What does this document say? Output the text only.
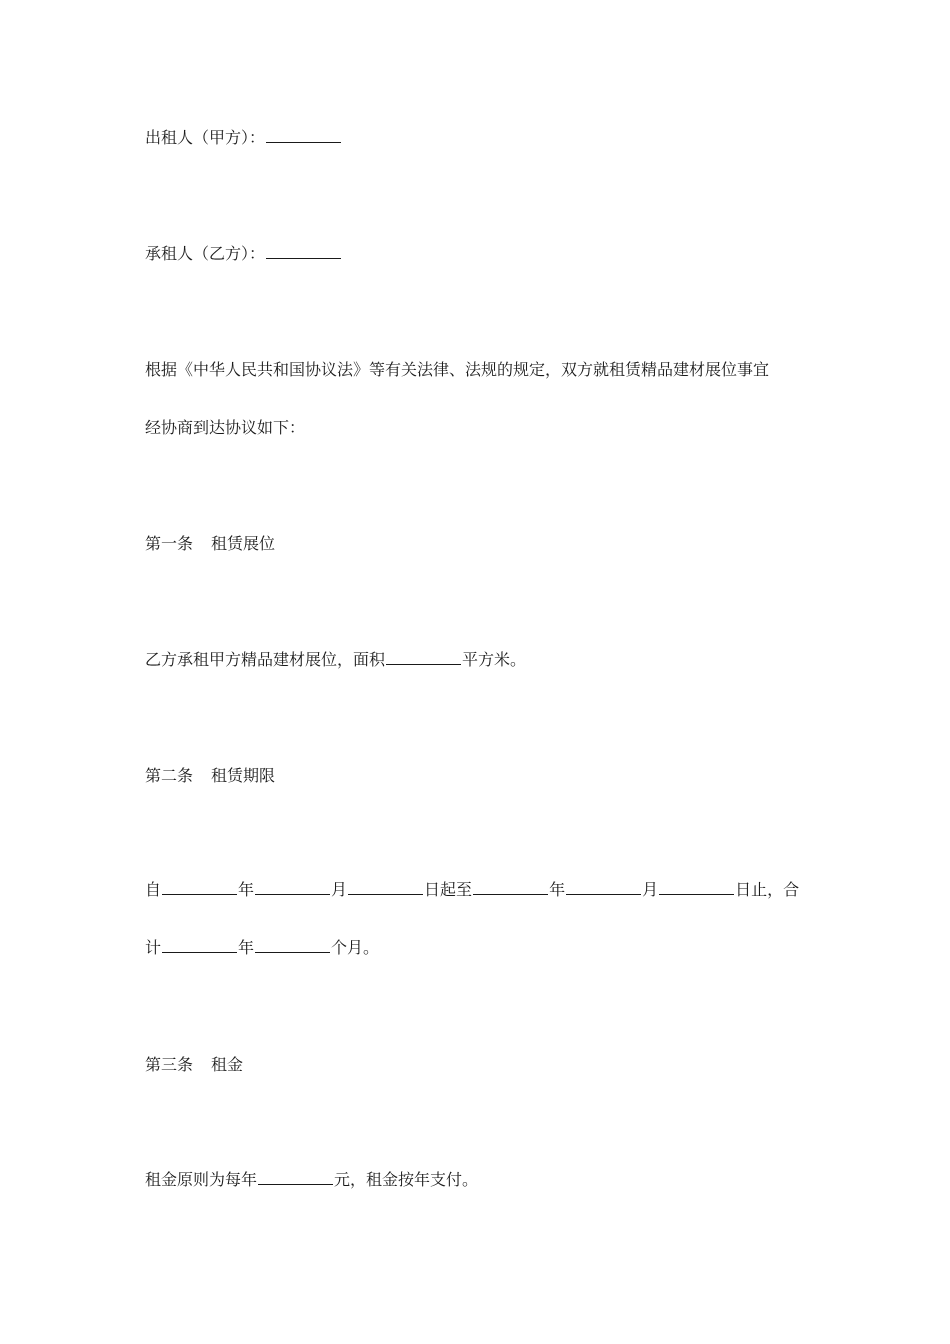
出租人（甲方）：
承租人（乙方）：
根据《中华人民共和国协议法》等有关法律、法规的规定，双方就租赁精品建材展位事宜
经协商到达协议如下：
第一条 租赁展位
乙方承租甲方精品建材展位，面积	平方米。
第二条 租赁期限
自	年	月	日起至	年	月	日止，合
计	年	个月。
第三条 租金
租金原则为每年	元，租金按年支付。
